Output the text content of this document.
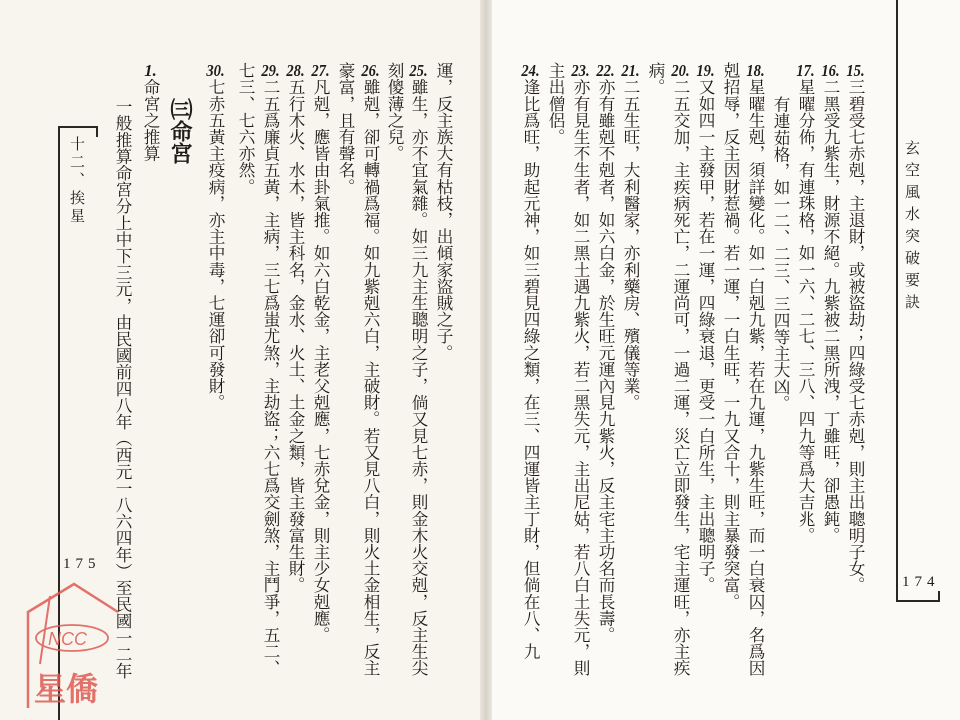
玄空風水突破要訣
174
15.三碧受七赤剋，主退財，或被盜劫；四綠受七赤剋，則主出聰明子女。
16.二黑受九紫生，財源不絕。九紫被二黑所洩，丁雖旺，卻愚鈍。
17.星曜分佈，有連珠格，如一六、二七、三八、四九等爲大吉兆。
有連茹格，如一二、二三、三四等主大凶。
18.星曜生剋，須詳變化。如一白剋九紫，若在九運，九紫生旺，而一白衰囚，名爲因
剋招辱，反主因財惹禍。若一運，一白生旺，一九又合十，則主暴發突富。
19.又如四一主發甲，若在一運，四綠衰退，更受一白所生，主出聰明子。
20.二五交加，主疾病死亡，二運尚可，一過二運，災亡立即發生，宅主運旺，亦主疾
病。
21.二五生旺，大利醫家，亦利藥房、殯儀等業。
22.亦有雖剋不剋者，如六白金，於生旺元運內見九紫火，反主宅主功名而長壽。
23.亦有見生不生者，如二黑土遇九紫火，若二黑失元，主出尼姑，若八白土失元，則
主出僧侶。
24.逢比爲旺，助起元神，如三碧見四綠之類，在三、四運皆主丁財，但倘在八、九
運，反主族大有枯枝，出傾家盜賊之子。
25.雖生，亦不宜氣雜。如三九主生聰明之子，倘又見七赤，則金木火交剋，反主生尖
刻傻薄之兒。
26.雖剋，卻可轉禍爲福。如九紫剋六白，主破財。若又見八白，則火土金相生，反主
豪富，且有聲名。
27.凡剋，應皆由卦氣推。如六白乾金，主老父剋應，七赤兌金，則主少女剋應。
28.五行木火、水木，皆主科名，金水、火土、土金之類，皆主發富生財。
29.二五爲廉貞五黃，主病，三七爲蚩尤煞，主劫盜；六七爲交劍煞，主鬥爭，五二、
七三、七六亦然。
30.七赤五黃主疫病，亦主中毒，七運卻可發財。
㈢命宮
1.命宮之推算
一般推算命宮分上中下三元，由民國前四八年（西元一八六四年）至民國一二年
十二、挨星
175
NCC
星僑
